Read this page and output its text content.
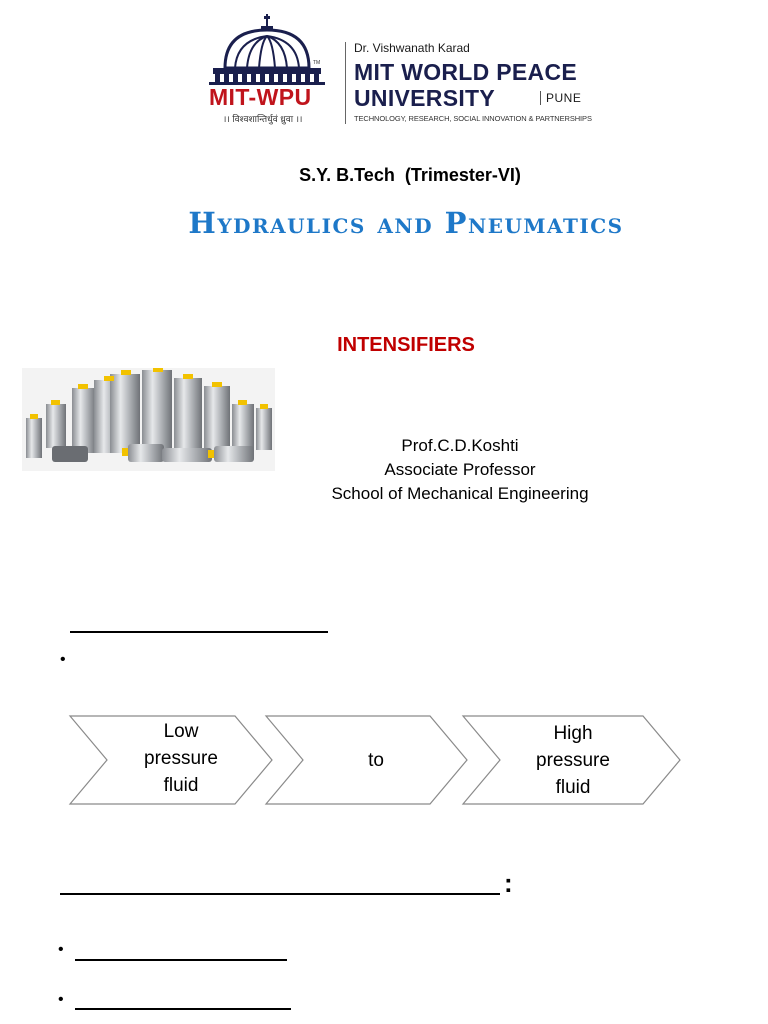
TM
MIT-WPU
।। विश्वशान्तिर्धुवं ध्रुवा ।।
Dr. Vishwanath Karad
MIT WORLD PEACE
UNIVERSITY	PUNE
TECHNOLOGY, RESEARCH, SOCIAL INNOVATION & PARTNERSHIPS
S.Y. B.Tech  (Trimester-VI)
Hydraulics and Pneumatics
INTENSIFIERS
Prof.C.D.Koshti
Associate Professor
School of Mechanical Engineering
•
Low pressure fluid
to
High pressure fluid
:
•
•
